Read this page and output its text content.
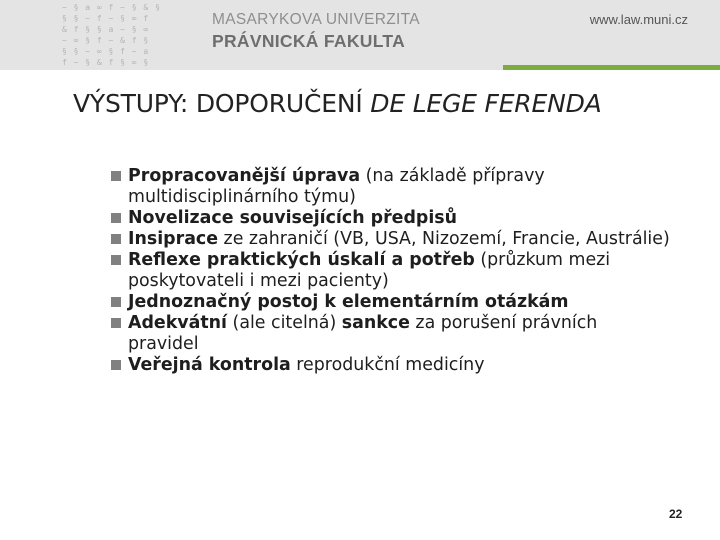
~ § a ∞ f ~ § & §
§ § ~ f ~ § ∞ f
& f § § a ~ § ∞
~ ∞ § f ~ & f §
§ § ~ ∞ § f ~ a
f ~ § & f § ∞ §
MASARYKOVA UNIVERZITA
PRÁVNICKÁ FAKULTA
www.law.muni.cz
VÝSTUPY: DOPORUČENÍ DE LEGE FERENDA
Propracovanější úprava (na základě přípravy multidisciplinárního týmu)
Novelizace souvisejících předpisů
Insiprace ze zahraničí (VB, USA, Nizozemí, Francie, Austrálie)
Reflexe praktických úskalí a potřeb (průzkum mezi poskytovateli i mezi pacienty)
Jednoznačný postoj k elementárním otázkám
Adekvátní (ale citelná) sankce za porušení právních pravidel
Veřejná kontrola reprodukční medicíny
22
